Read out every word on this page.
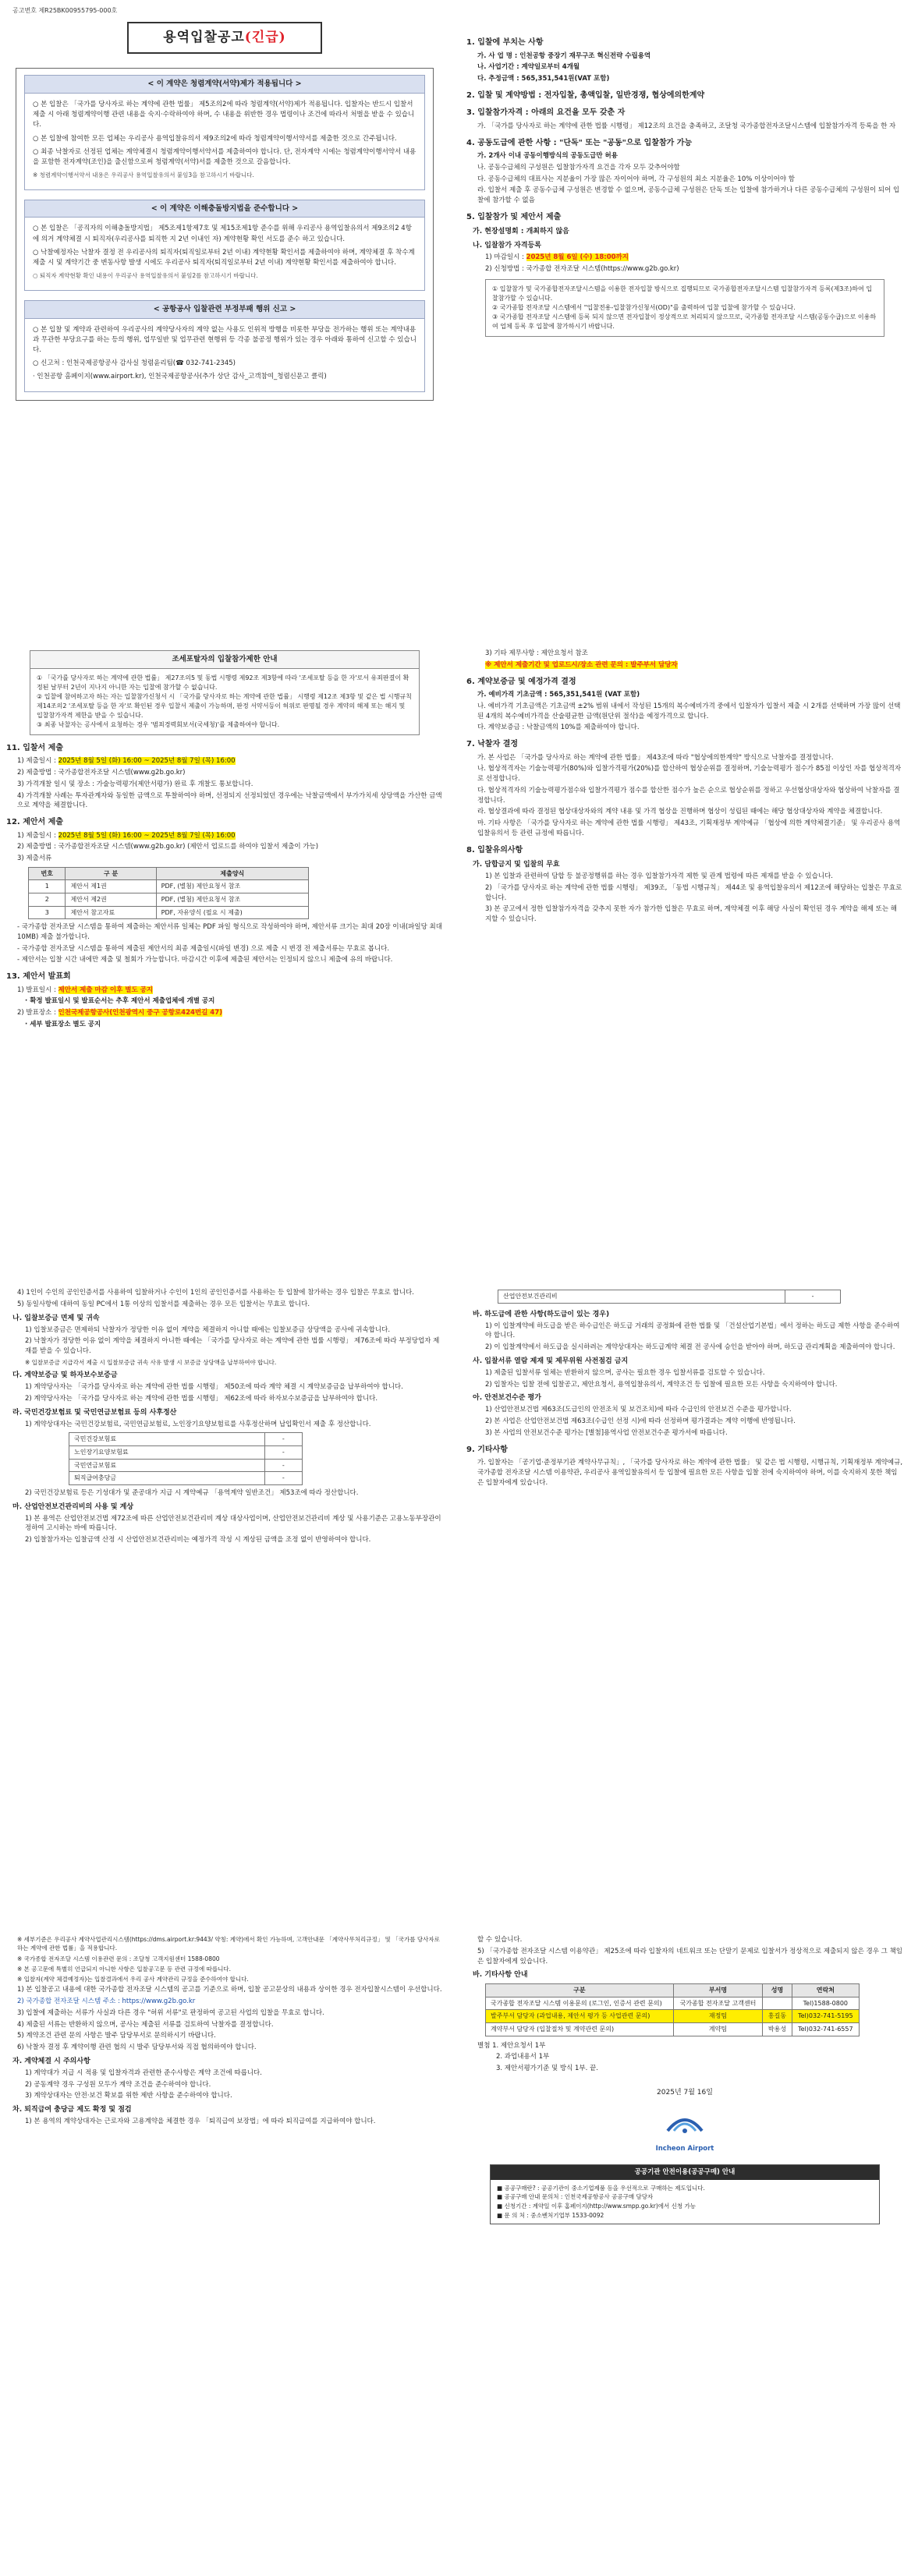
공고번호 제R25BK00955795-000호
용역입찰공고(긴급)
< 이 계약은 청렴계약(서약)제가 적용됩니다 >

○ 본 입찰은 「국가를 당사자로 하는 계약에 관한 법률」 제5조의2에 따라 청렴계약(서약)제가 적용됩니다. 입찰자는 반드시 입찰서 제출 시 아래 청렴계약이행 관련 내용을 숙지·수락하여야 하며, 수 내용을 위반한 경우 법령이나 조건에 따라서 처벌을 받을 수 있습니다.

○ 본 입찰에 참여한 모든 업체는 우리공사 용역입찰유의서 제9조의2에 따라 청렴계약이행서약서를 제출한 것으로 간주됩니다.

○ 최종 낙찰자로 선정된 업체는 계약체결시 청렴계약이행서약서를 제출하여야 합니다. 단, 전자계약 시에는 청렴계약이행서약서 내용을 포함한 전자계약(조인)을 출신함으로써 청렴계약(서약)서를 제출한 것으로 갈음합니다.

※ 청렴계약이행서약서 내용은 우리공사 용역입찰유의서 붙임3을 참고하시기 바랍니다.

< 이 계약은 이해충돌방지법을 준수합니다 >

○ 본 입찰은 「공직자의 이해충돌방지법」 제5조제1항제7호 및 제15조제1항 준수를 위해 우리공사 용역입찰유의서 제9조의2 4항에 의거 계약체결 시 퇴직자(우리공사를 퇴직한 지 2년 이내인 자) 계약현황 확인 서도를 준수 하고 있습니다.

○ 낙찰예정자는 낙찰자 결정 전 우리공사의 퇴직자(퇴직일로부터 2년 이내) 계약현황 확인서를 제출하여야 하며, 계약체결 후 착수계 제출 시 및 계약기간 중 변동사항 발생 시에도 우리공사 퇴직자(퇴직일로부터 2년 이내) 계약현황 확인서를 제출하여야 합니다.

○ 퇴직자 계약현황 확인 내용이 우리공사 용역입찰유의서 붙임2를 참고하시기 바랍니다.

< 공항공사 입찰관련 부정부패 행위 신고 >

○ 본 입찰 및 계약과 관련하여 우리공사의 계약당사자의 계약 없는 사용도 인위적 방행을 비롯한 부당을 전가하는 행위 또는 계약내용과 무관한 부당요구를 하는 등의 행위, 업무일반 및 업무관련 현행위 등 각종 불공정 행위가 있는 경우 아래와 통하여 신고할 수 있습니다.

○ 신고처 : 인천국제공항공사 감사실 청렴윤리팀(☎ 032-741-2345)

· 인천공항 홈페이지(www.airport.kr), 인천국제공항공사(추가 상단 감사_고객참여_청렴신문고 클릭)

1. 입찰에 부치는 사항
가. 사 업 명 : 인천공항 중장기 재무구조 혁신전략 수립용역
나. 사업기간 : 계약일로부터 4개월
다. 추정금액 : 565,351,541원(VAT 포함)
2. 입찰 및 계약방법 : 전자입찰, 총액입찰, 일반경쟁, 협상에의한계약
3. 입찰참가자격 : 아래의 요건을 모두 갖춘 자
가. 「국가를 당사자로 하는 계약에 관한 법률 시행령」 제12조의 요건을 충족하고, 조달청 국가종합전자조달시스템에 입찰참가자격 등록을 한 자
4. 공동도급에 관한 사항 : "단독" 또는 "공동"으로 입찰참가 가능
가. 2개사 이내 공동이행방식의 공동도급만 허용
나. 공동수급체의 구성원은 입찰참가자격 요건을 각자 모두 갖추어야함
다. 공동수급체의 대표사는 지분율이 가장 많은 자이어야 하며, 각 구성원의 최소 지분율은 10% 이상이어야 함
라. 입찰서 제출 후 공동수급체 구성원은 변경할 수 없으며, 공동수급체 구성원은 단독 또는 입찰에 참가하거나 다른 공동수급체의 구성원이 되어 입찰에 참가할 수 없음
5. 입찰참가 및 제안서 제출
가. 현장설명회 : 개최하지 않음
나. 입찰참가 자격등록
1) 마감일시 : 2025년 8월 6일 (수) 18:00까지
2) 신청방법 : 국가종합 전자조달 시스템(https://www.g2b.go.kr)

① 입찰참가 및 국가종합전자조달시스템을 이용한 전자입찰 방식으로 집행되므로 국가종합전자조달시스템 입찰참가자격 등록(제3조)하여 입찰참가할 수 있습니다.

② 국가종합 전자조달 시스템에서 "입찰전용-입찰참가신청서(OD)"를 출력하여 입찰 입찰에 참가할 수 있습니다.

③ 국가종합 전자조달 시스템에 등록 되지 않으면 전자입찰이 정상적으로 처리되지 않으므로, 국가종합 전자조달 시스템(공동수급)으로 이용하여 업체 등록 후 입찰에 참가하시기 바랍니다.

조세포탈자의 입찰참가제한 안내

① 「국가를 당사자로 하는 계약에 관한 법률」 제27조의5 및 동법 시행령 제92조 제3항에 따라 '조세포탈 등을 한 자'로서 유죄판결이 확정된 날부터 2년이 지나지 아니한 자는 입찰에 참가할 수 없습니다.

② 입찰에 참여하고자 하는 자는 입찰참가신청서 시 「국가를 당사자로 하는 계약에 관한 법률」 시행령 제12조 제3항 및 같은 법 시행규칙 제14조의2 '조세포탈 등을 한 자'로 확인된 경우 입찰서 제출이 가능하며, 판정 서약서등이 허위로 판명될 경우 계약의 해제 또는 해지 및 입찰참가자격 제한을 받을 수 있습니다.

③ 최종 낙찰자는 공사에서 요청하는 경우 '범죄경력회보서(국세청)'를 제출하여야 합니다.

11. 입찰서 제출
1) 제출일시 : 2025년 8월 5일 (화) 16:00 ~ 2025년 8월 7일 (목) 16:00
2) 제출방법 : 국가종합전자조달 시스템(www.g2b.go.kr)
3) 가격개찰 일시 및 장소 : 가술능력평가(제안서평가) 완료 후 개찰도 통보합니다.
4) 가격개찰 사례는 투자관계자와 동일한 금액으로 투찰하여야 하며, 선정되지 선정되었던 경우에는 낙찰금액에서 부가가치세 상당액을 가산한 금액으로 계약을 체결합니다.
12. 제안서 제출
1) 제출일시 : 2025년 8월 5일 (화) 16:00 ~ 2025년 8월 7일 (목) 16:00
2) 제출방법 : 국가종합전자조달 시스템(www.g2b.go.kr) (제안서 업로드를 하여야 입찰서 제출이 가능)
3) 제출서류
번호	구 분	제출양식
1	제안서 제1권	PDF, (별첨) 제안요청서 참조
2	제안서 제2권	PDF, (별첨) 제안요청서 참조
3	제안서 참고자료	PDF, 자유양식 (필요 시 제출)
- 국가종합 전자조달 시스템을 통하여 제출하는 제안서류 일체는 PDF 파일 형식으로 작성하여야 하며, 제안서류 크기는 최대 20장 이내(파일당 최대 10MB) 제출 불가합니다.
- 국가종합 전자조달 시스템을 통하여 제출된 제안서의 최종 제출일시(파일 변경) 으로 제출 시 변경 전 제출서류는 무효로 봅니다.
- 제안서는 입찰 시간 내에만 제출 및 철회가 가능합니다. 마감시간 이후에 제출된 제안서는 인정되지 않으니 제출에 유의 바랍니다.
13. 제안서 발표회
1) 발표일시 : 제안서 제출 마감 이후 별도 공지
· 확정 발표일시 및 발표순서는 추후 제안서 제출업체에 개별 공지
2) 발표장소 : 인천국제공항공사(인천광역시 중구 공항로424번길 47)
· 세부 발표장소 별도 공지
3) 기타 제무사항 : 제안요청서 참조
※ 제안서 제출기간 및 업로드시/장소 관련 문의 : 발주부서 담당자
6. 계약보증금 및 예정가격 결정
가. 예비가격 기초금액 : 565,351,541원 (VAT 포함)
나. 예비가격 기초금액은 기초금액 ±2% 범위 내에서 작성된 15개의 복수예비가격 중에서 입찰자가 입찰서 제출 시 2개를 선택하며 가장 많이 선택된 4개의 복수예비가격을 산술평균한 금액(원단위 절삭)을 예정가격으로 합니다.
다. 계약보증금 : 낙찰금액의 10%를 제출하여야 합니다.
7. 낙찰자 결정
가. 본 사업은 「국가를 당사자로 하는 계약에 관한 법률」 제43조에 따라 "협상에의한계약" 방식으로 낙찰자를 결정합니다.
나. 협상적격자는 기술능력평가(80%)와 입찰가격평가(20%)를 합산하여 협상순위를 결정하며, 기술능력평가 점수가 85점 이상인 자를 협상적격자로 선정합니다.
다. 협상적격자의 기술능력평가점수와 입찰가격평가 점수를 합산한 점수가 높은 순으로 협상순위를 정하고 우선협상대상자와 협상하여 낙찰자를 결정합니다.
라. 협상결과에 따라 결정된 협상대상자와의 계약 내용 및 가격 협상을 진행하며 협상이 성립된 때에는 해당 협상대상자와 계약을 체결합니다.
마. 기타 사항은 「국가를 당사자로 하는 계약에 관한 법률 시행령」 제43조, 기획재정부 계약예규 「협상에 의한 계약체결기준」 및 우리공사 용역입찰유의서 등 관련 규정에 따릅니다.
8. 입찰유의사항
가. 담합금지 및 입찰의 무효
1) 본 입찰과 관련하여 담합 등 불공정행위를 하는 경우 입찰참가자격 제한 및 관계 법령에 따른 제재를 받을 수 있습니다.
2) 「국가를 당사자로 하는 계약에 관한 법률 시행령」 제39조, 「동법 시행규칙」 제44조 및 용역입찰유의서 제12조에 해당하는 입찰은 무효로 합니다.
3) 본 공고에서 정한 입찰참가자격을 갖추지 못한 자가 참가한 입찰은 무효로 하며, 계약체결 이후 해당 사실이 확인된 경우 계약을 해제 또는 해지할 수 있습니다.
4) 1인이 수인의 공인인증서를 사용하여 입찰하거나 수인이 1인의 공인인증서를 사용하는 등 입찰에 참가하는 경우 입찰은 무효로 합니다.
5) 동일사항에 대하여 동일 PC에서 1통 이상의 입찰서를 제출하는 경우 모든 입찰서는 무효로 합니다.
나. 입찰보증금 면제 및 귀속
1) 입찰보증금은 면제하되 낙찰자가 정당한 이유 없이 계약을 체결하지 아니할 때에는 입찰보증금 상당액을 공사에 귀속합니다.
2) 낙찰자가 정당한 이유 없이 계약을 체결하지 아니한 때에는 「국가를 당사자로 하는 계약에 관한 법률 시행령」 제76조에 따라 부정당업자 제재를 받을 수 있습니다.
※ 입찰보증금 지급각서 제출 시 입찰보증금 귀속 사유 발생 시 보증금 상당액을 납부하여야 합니다.
다. 계약보증금 및 하자보수보증금
1) 계약당사자는 「국가를 당사자로 하는 계약에 관한 법률 시행령」 제50조에 따라 계약 체결 시 계약보증금을 납부하여야 합니다.
2) 계약당사자는 「국가를 당사자로 하는 계약에 관한 법률 시행령」 제62조에 따라 하자보수보증금을 납부하여야 합니다.
라. 국민건강보험료 및 국민연금보험료 등의 사후정산
1) 계약상대자는 국민건강보험료, 국민연금보험료, 노인장기요양보험료를 사후정산하며 납입확인서 제출 후 정산합니다.
국민건강보험료	-
노인장기요양보험료	-
국민연금보험료	-
퇴직급여충당금	-
2) 국민건강보험료 등은 기성대가 및 준공대가 지급 시 계약예규 「용역계약 일반조건」 제53조에 따라 정산합니다.
마. 산업안전보건관리비의 사용 및 계상
1) 본 용역은 산업안전보건법 제72조에 따른 산업안전보건관리비 계상 대상사업이며, 산업안전보건관리비 계상 및 사용기준은 고용노동부장관이 정하여 고시하는 바에 따릅니다.
2) 입찰참가자는 입찰금액 산정 시 산업안전보건관리비는 예정가격 작성 시 계상된 금액을 조정 없이 반영하여야 합니다.
산업안전보건관리비	-
바. 하도급에 관한 사항(하도급이 있는 경우)
1) 이 입찰계약에 하도급을 받은 하수급인은 하도급 거래의 공정화에 관한 법률 및 「건설산업기본법」에서 정하는 하도급 제한 사항을 준수하여야 합니다.
2) 이 입찰계약에서 하도급을 실시하려는 계약상대자는 하도급계약 체결 전 공사에 승인을 받아야 하며, 하도급 관리계획을 제출하여야 합니다.
사. 입찰서류 열람 제재 및 제무위원 사전점검 금지
1) 제출된 입찰서류 일체는 반환하지 않으며, 공사는 필요한 경우 입찰서류를 검토할 수 있습니다.
2) 입찰자는 입찰 전에 입찰공고, 제안요청서, 용역입찰유의서, 계약조건 등 입찰에 필요한 모든 사항을 숙지하여야 합니다.
아. 안전보건수준 평가
1) 산업안전보건법 제63조(도급인의 안전조치 및 보건조치)에 따라 수급인의 안전보건 수준을 평가합니다.
2) 본 사업은 산업안전보건법 제63조(수급인 선정 시)에 따라 선정하며 평가결과는 계약 이행에 반영됩니다.
3) 본 사업의 안전보건수준 평가는 [별첨]용역사업 안전보건수준 평가서에 따릅니다.
9. 기타사항
가. 입찰자는 「공기업·준정부기관 계약사무규칙」, 「국가를 당사자로 하는 계약에 관한 법률」 및 같은 법 시행령, 시행규칙, 기획재정부 계약예규, 국가종합 전자조달 시스템 이용약관, 우리공사 용역입찰유의서 등 입찰에 필요한 모든 사항을 입찰 전에 숙지하여야 하며, 이를 숙지하지 못한 책임은 입찰자에게 있습니다.
※ 세부기준은 우리공사 계약사업관리시스템(https://dms.airport.kr:9443/ 약칭: 계약)에서 확인 가능하며, 고객안내문 「계약사무처리규정」 및 「국가를 당사자로 하는 계약에 관한 법률」을 적용합니다.
※ 국가종합 전자조달 시스템 이용관련 문의 : 조달청 고객지원센터 1588-0800
※ 본 공고문에 특별히 언급되지 아니한 사항은 입찰공고문 등 관련 규정에 따릅니다.
※ 입찰자(계약 체결예정자)는 입찰결과에서 우리 공사 계약관리 규정을 준수하여야 합니다.
1) 본 입찰공고 내용에 대한 국가종합 전자조달 시스템의 공고를 기준으로 하며, 입찰 공고문상의 내용과 상이한 경우 전자입찰시스템이 우선합니다.
2) 국가종합 전자조달 시스템 주소 : https://www.g2b.go.kr
3) 입찰에 제출하는 서류가 사실과 다른 경우 "허위 서류"로 판정하여 공고된 사업의 입찰을 무효로 합니다.
4) 제출된 서류는 반환하지 않으며, 공사는 제출된 서류를 검토하여 낙찰자를 결정합니다.
5) 계약조건 관련 문의 사항은 발주 담당부서로 문의하시기 바랍니다.
6) 낙찰자 결정 후 계약이행 관련 협의 시 발주 담당부서와 직접 협의하여야 합니다.
자. 계약체결 시 주의사항
1) 계약대가 지급 시 적용 및 입찰자격과 관련한 준수사항은 계약 조건에 따릅니다.
2) 공동계약 경우 구성원 모두가 계약 조건을 준수하여야 합니다.
3) 계약상대자는 안전·보건 확보를 위한 제반 사항을 준수하여야 합니다.
차. 퇴직급여 충당금 제도 확정 및 점검
1) 본 용역의 계약상대자는 근로자와 고용계약을 체결한 경우 「퇴직급여 보장법」에 따라 퇴직급여를 지급하여야 합니다.
할 수 있습니다.
5) 「국가종합 전자조달 시스템 이용약관」 제25조에 따라 입찰자의 네트워크 또는 단말기 문제로 입찰서가 정상적으로 제출되지 않은 경우 그 책임은 입찰자에게 있습니다.
바. 기타사항 안내
구분	부서명	성명	연락처
국가종합 전자조달 시스템 이용문의 (로그인, 인증서 관련 문의)	국가종합 전자조달 고객센터		Tel)1588-0800
발주부서 담당자 (과업내용, 제안서 평가 등 사업관련 문의)	재정팀	홍길동	Tel)032-741-5195
계약부서 담당자 (입찰절차 및 계약관련 문의)	계약팀	박용성	Tel)032-741-6557
별첨 1. 제안요청서 1부
2. 과업내용서 1부
3. 제안서평가기준 및 방식 1부. 끝.
2025년 7월 16일
Incheon Airport
공공기관 안전이용(공공구매) 안내

■ 공공구매란? : 공공기관이 중소기업제품 등을 우선적으로 구매하는 제도입니다.

■ 공공구매 안내 문의처 : 인천국제공항공사 공공구매 담당자

■ 신청기간 : 계약일 이후 홈페이지(http://www.smpp.go.kr)에서 신청 가능

■ 문 의 처 : 중소벤처기업부 1533-0092
